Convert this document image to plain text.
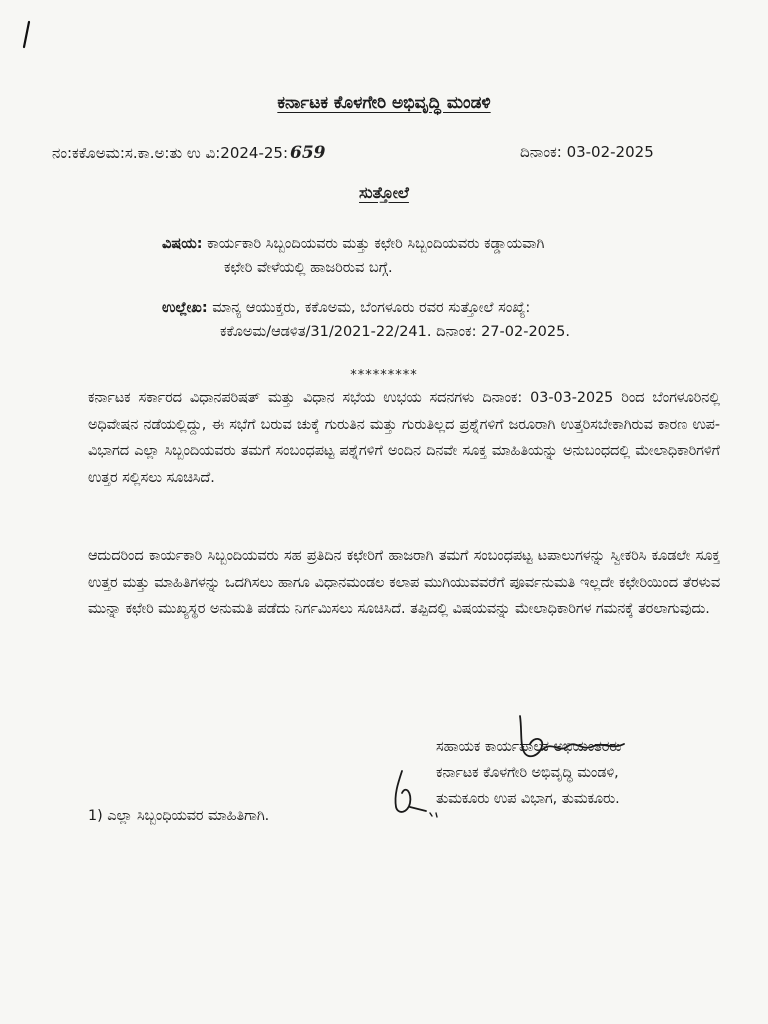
ಕರ್ನಾಟಕ ಕೊಳಗೇರಿ ಅಭಿವೃದ್ಧಿ ಮಂಡಳಿ
ನಂ:ಕಕೊಅಮ:ಸ.ಕಾ.ಅ:ತು ಉ ವಿ:2024-25: 659	ದಿನಾಂಕ: 03-02-2025
ಸುತ್ತೋಲೆ
ವಿಷಯ: ಕಾರ್ಯಕಾರಿ ಸಿಬ್ಬಂದಿಯವರು ಮತ್ತು ಕಛೇರಿ ಸಿಬ್ಬಂದಿಯವರು ಕಡ್ಡಾಯವಾಗಿ
ಕಛೇರಿ ವೇಳೆಯಲ್ಲಿ ಹಾಜರಿರುವ ಬಗ್ಗೆ.
ಉಲ್ಲೇಖ: ಮಾನ್ಯ ಆಯುಕ್ತರು, ಕಕೊಅಮ, ಬೆಂಗಳೂರು ರವರ ಸುತ್ತೋಲೆ ಸಂಖ್ಯೆ:
ಕಕೊಅಮ/ಆಡಳಿತ/31/2021-22/241. ದಿನಾಂಕ: 27-02-2025.
*********
ಕರ್ನಾಟಕ ಸರ್ಕಾರದ ವಿಧಾನಪರಿಷತ್ ಮತ್ತು ವಿಧಾನ ಸಭೆಯ ಉಭಯ ಸದನಗಳು ದಿನಾಂಕ: 03-03-2025 ರಿಂದ ಬೆಂಗಳೂರಿನಲ್ಲಿ ಅಧಿವೇಷನ ನಡೆಯಲ್ಲಿದ್ದು, ಈ ಸಭೆಗೆ ಬರುವ ಚುಕ್ಕೆ ಗುರುತಿನ ಮತ್ತು ಗುರುತಿಲ್ಲದ ಪ್ರಶ್ನೆಗಳಿಗೆ ಜರೂರಾಗಿ ಉತ್ತರಿಸಬೇಕಾಗಿರುವ ಕಾರಣ ಉಪ-ವಿಭಾಗದ ಎಲ್ಲಾ ಸಿಬ್ಬಂದಿಯವರು ತಮಗೆ ಸಂಬಂಧಪಟ್ಟ ಪಶ್ನೆಗಳಿಗೆ ಅಂದಿನ ದಿನವೇ ಸೂಕ್ತ ಮಾಹಿತಿಯನ್ನು ಅನುಬಂಧದಲ್ಲಿ ಮೇಲಾಧಿಕಾರಿಗಳಿಗೆ ಉತ್ತರ ಸಲ್ಲಿಸಲು ಸೂಚಿಸಿದೆ.
ಆದುದರಿಂದ ಕಾರ್ಯಕಾರಿ ಸಿಬ್ಬಂದಿಯವರು ಸಹ ಪ್ರತಿದಿನ ಕಛೇರಿಗೆ ಹಾಜರಾಗಿ ತಮಗೆ ಸಂಬಂಧಪಟ್ಟ ಟಪಾಲುಗಳನ್ನು ಸ್ವೀಕರಿಸಿ ಕೂಡಲೇ ಸೂಕ್ತ ಉತ್ತರ ಮತ್ತು ಮಾಹಿತಿಗಳನ್ನು ಒದಗಿಸಲು ಹಾಗೂ ವಿಧಾನಮಂಡಲ ಕಲಾಪ ಮುಗಿಯುವವರೆಗೆ ಪೂರ್ವನುಮತಿ ಇಲ್ಲದೇ ಕಛೇರಿಯಿಂದ ತೆರಳುವ ಮುನ್ನಾ ಕಛೇರಿ ಮುಖ್ಯಸ್ಥರ ಅನುಮತಿ ಪಡೆದು ನಿರ್ಗಮಿಸಲು ಸೂಚಿಸಿದೆ. ತಪ್ಪಿದಲ್ಲಿ ವಿಷಯವನ್ನು ಮೇಲಾಧಿಕಾರಿಗಳ ಗಮನಕ್ಕೆ ತರಲಾಗುವುದು.
ಸಹಾಯಕ ಕಾರ್ಯಪಾಲಕ ಅಭಿಯಂತರರು
ಕರ್ನಾಟಕ ಕೊಳಗೇರಿ ಅಭಿವೃದ್ಧಿ ಮಂಡಳಿ,
ತುಮಕೂರು ಉಪ ವಿಭಾಗ, ತುಮಕೂರು.
1) ಎಲ್ಲಾ ಸಿಬ್ಬಂಧಿಯವರ ಮಾಹಿತಿಗಾಗಿ.
